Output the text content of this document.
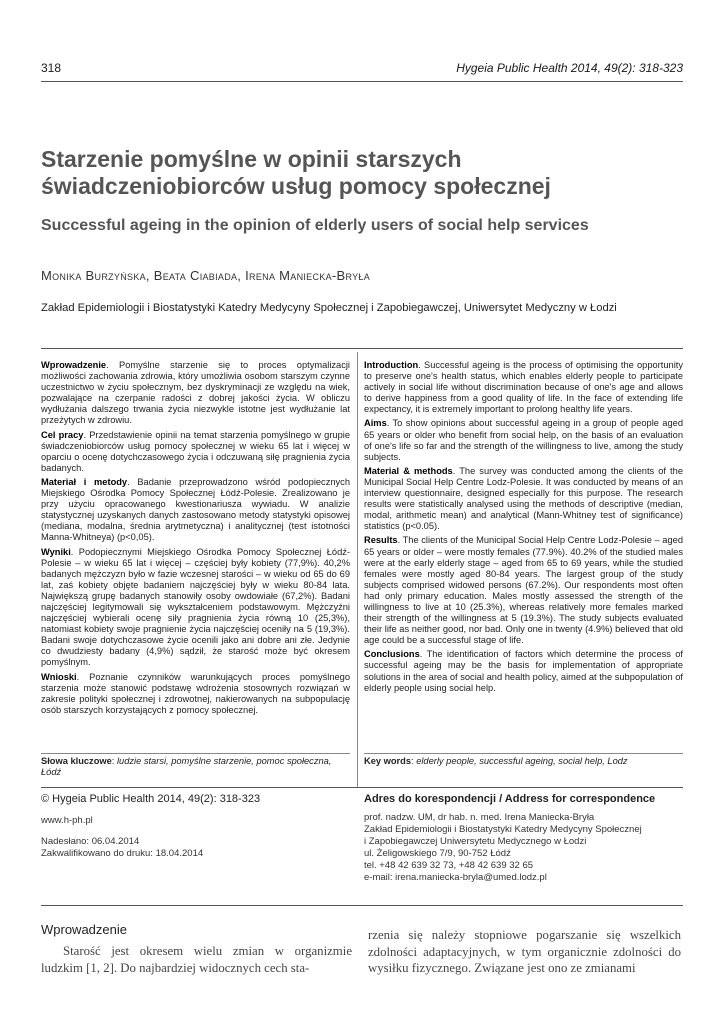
318	Hygeia Public Health 2014, 49(2): 318-323
Starzenie pomyślne w opinii starszych świadczeniobiorców usług pomocy społecznej
Successful ageing in the opinion of elderly users of social help services
Monika Burzyńska, Beata Ciabiada, Irena Maniecka-Bryła
Zakład Epidemiologii i Biostatystyki Katedry Medycyny Społecznej i Zapobiegawczej, Uniwersytet Medyczny w Łodzi

Wprowadzenie. Pomyślne starzenie się to proces optymalizacji możliwości zachowania zdrowia, który umożliwia osobom starszym czynne uczestnictwo w życiu społecznym, bez dyskryminacji ze względu na wiek, pozwalające na czerpanie radości z dobrej jakości życia. W obliczu wydłużania dalszego trwania życia niezwykle istotne jest wydłużanie lat przeżytych w zdrowiu.

Cel pracy. Przedstawienie opinii na temat starzenia pomyślnego w grupie świadczeniobiorców usług pomocy społecznej w wieku 65 lat i więcej w oparciu o ocenę dotychczasowego życia i odczuwaną siłę pragnienia życia badanych.

Materiał i metody. Badanie przeprowadzono wśród podopiecznych Miejskiego Ośrodka Pomocy Społecznej Łódź-Polesie. Zrealizowano je przy użyciu opracowanego kwestionariusza wywiadu. W analizie statystycznej uzyskanych danych zastosowano metody statystyki opisowej (mediana, modalna, średnia arytmetyczna) i analitycznej (test istotności Manna-Whitneya) (p<0,05).

Wyniki. Podopiecznymi Miejskiego Ośrodka Pomocy Społecznej Łódź-Polesie – w wieku 65 lat i więcej – częściej były kobiety (77,9%). 40,2% badanych mężczyzn było w fazie wczesnej starości – w wieku od 65 do 69 lat, zaś kobiety objęte badaniem najczęściej były w wieku 80-84 lata. Największą grupę badanych stanowiły osoby owdowiałe (67,2%). Badani najczęściej legitymowali się wykształceniem podstawowym. Mężczyźni najczęściej wybierali ocenę siły pragnienia życia równą 10 (25,3%), natomiast kobiety swoje pragnienie życia najczęściej oceniły na 5 (19,3%). Badani swoje dotychczasowe życie ocenili jako ani dobre ani złe. Jedynie co dwudziesty badany (4,9%) sądził, że starość może być okresem pomyślnym.

Wnioski. Poznanie czynników warunkujących proces pomyślnego starzenia może stanowić podstawę wdrożenia stosownych rozwiązań w zakresie polityki społecznej i zdrowotnej, nakierowanych na subpopulację osób starszych korzystających z pomocy społecznej.

Introduction. Successful ageing is the process of optimising the opportunity to preserve one's health status, which enables elderly people to participate actively in social life without discrimination because of one's age and allows to derive happiness from a good quality of life. In the face of extending life expectancy, it is extremely important to prolong healthy life years.

Aims. To show opinions about successful ageing in a group of people aged 65 years or older who benefit from social help, on the basis of an evaluation of one's life so far and the strength of the willingness to live, among the study subjects.

Material & methods. The survey was conducted among the clients of the Municipal Social Help Centre Lodz-Polesie. It was conducted by means of an interview questionnaire, designed especially for this purpose. The research results were statistically analysed using the methods of descriptive (median, modal, arithmetic mean) and analytical (Mann-Whitney test of significance) statistics (p<0.05).

Results. The clients of the Municipal Social Help Centre Lodz-Polesie – aged 65 years or older – were mostly females (77.9%). 40.2% of the studied males were at the early elderly stage – aged from 65 to 69 years, while the studied females were mostly aged 80-84 years. The largest group of the study subjects comprised widowed persons (67.2%). Our respondents most often had only primary education. Males mostly assessed the strength of the willingness to live at 10 (25.3%), whereas relatively more females marked their strength of the willingness at 5 (19.3%). The study subjects evaluated their life as neither good, nor bad. Only one in twenty (4.9%) believed that old age could be a successful stage of life.

Conclusions. The identification of factors which determine the process of successful ageing may be the basis for implementation of appropriate solutions in the area of social and health policy, aimed at the subpopulation of elderly people using social help.

Słowa kluczowe: ludzie starsi, pomyślne starzenie, pomoc społeczna, Łódź
Key words: elderly people, successful ageing, social help, Lodz
© Hygeia Public Health 2014, 49(2): 318-323
www.h-ph.pl
Nadesłano: 06.04.2014
Zakwalifikowano do druku: 18.04.2014
Adres do korespondencji / Address for correspondence
prof. nadzw. UM, dr hab. n. med. Irena Maniecka-Bryła
Zakład Epidemiologii i Biostatystyki Katedry Medycyny Społecznej
i Zapobiegawczej Uniwersytetu Medycznego w Łodzi
ul. Żeligowskiego 7/9, 90-752 Łódź
tel. +48 42 639 32 73, +48 42 639 32 65
e-mail: irena.maniecka-bryla@umed.lodz.pl
Wprowadzenie
Starość jest okresem wielu zmian w organizmie ludzkim [1, 2]. Do najbardziej widocznych cech sta-
rzenia się należy stopniowe pogarszanie się wszelkich zdolności adaptacyjnych, w tym organicznie zdolności do wysiłku fizycznego. Związane jest ono ze zmianami
